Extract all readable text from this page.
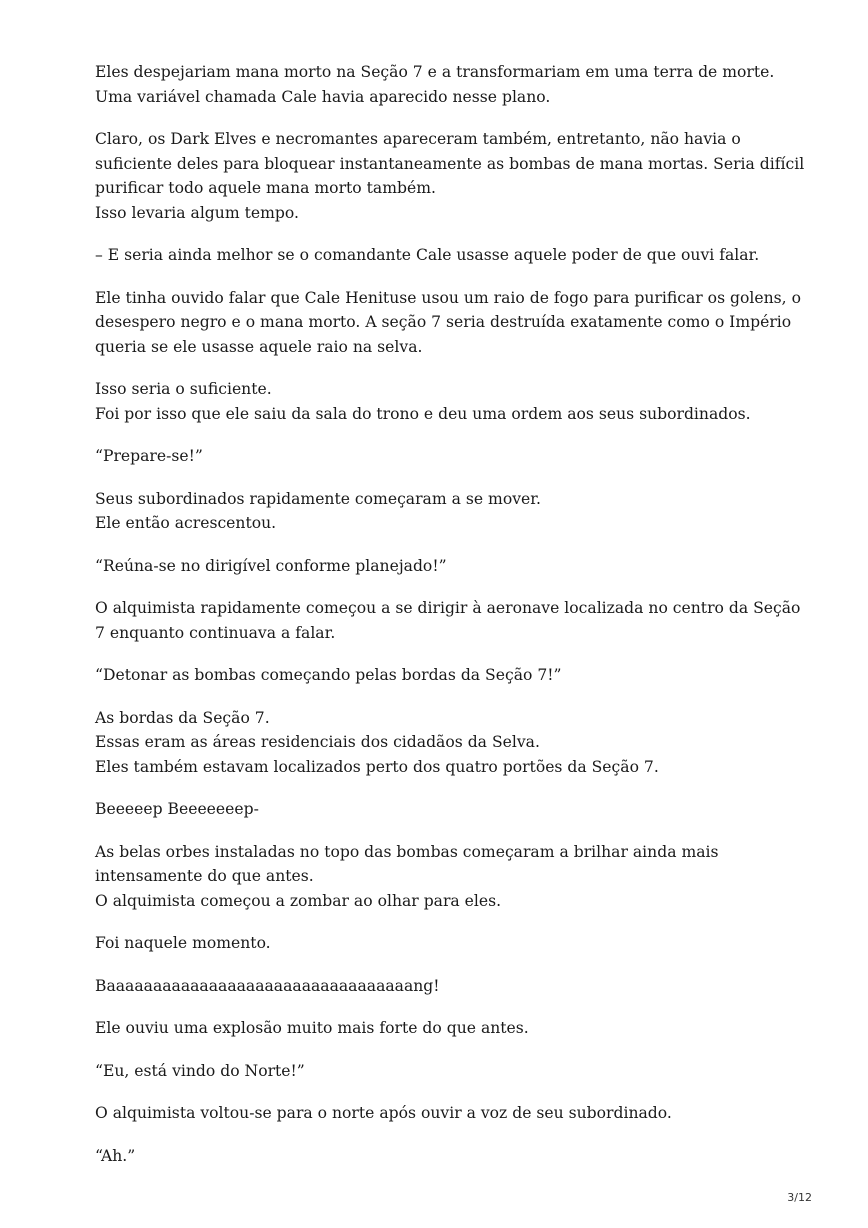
Eles despejariam mana morto na Seção 7 e a transformariam em uma terra de morte.
Uma variável chamada Cale havia aparecido nesse plano.

Claro, os Dark Elves e necromantes apareceram também, entretanto, não havia o
suficiente deles para bloquear instantaneamente as bombas de mana mortas. Seria difícil
purificar todo aquele mana morto também.
Isso levaria algum tempo.

– E seria ainda melhor se o comandante Cale usasse aquele poder de que ouvi falar.

Ele tinha ouvido falar que Cale Henituse usou um raio de fogo para purificar os golens, o
desespero negro e o mana morto. A seção 7 seria destruída exatamente como o Império
queria se ele usasse aquele raio na selva.

Isso seria o suficiente.
Foi por isso que ele saiu da sala do trono e deu uma ordem aos seus subordinados.

“Prepare-se!”

Seus subordinados rapidamente começaram a se mover.
Ele então acrescentou.

“Reúna-se no dirigível conforme planejado!”

O alquimista rapidamente começou a se dirigir à aeronave localizada no centro da Seção
7 enquanto continuava a falar.

“Detonar as bombas começando pelas bordas da Seção 7!”

As bordas da Seção 7.
Essas eram as áreas residenciais dos cidadãos da Selva.
Eles também estavam localizados perto dos quatro portões da Seção 7.

Beeeeep Beeeeeeep-

As belas orbes instaladas no topo das bombas começaram a brilhar ainda mais
intensamente do que antes.
O alquimista começou a zombar ao olhar para eles.

Foi naquele momento.

Baaaaaaaaaaaaaaaaaaaaaaaaaaaaaaaaang!

Ele ouviu uma explosão muito mais forte do que antes.

“Eu, está vindo do Norte!”

O alquimista voltou-se para o norte após ouvir a voz de seu subordinado.

“Ah.”

3/12
